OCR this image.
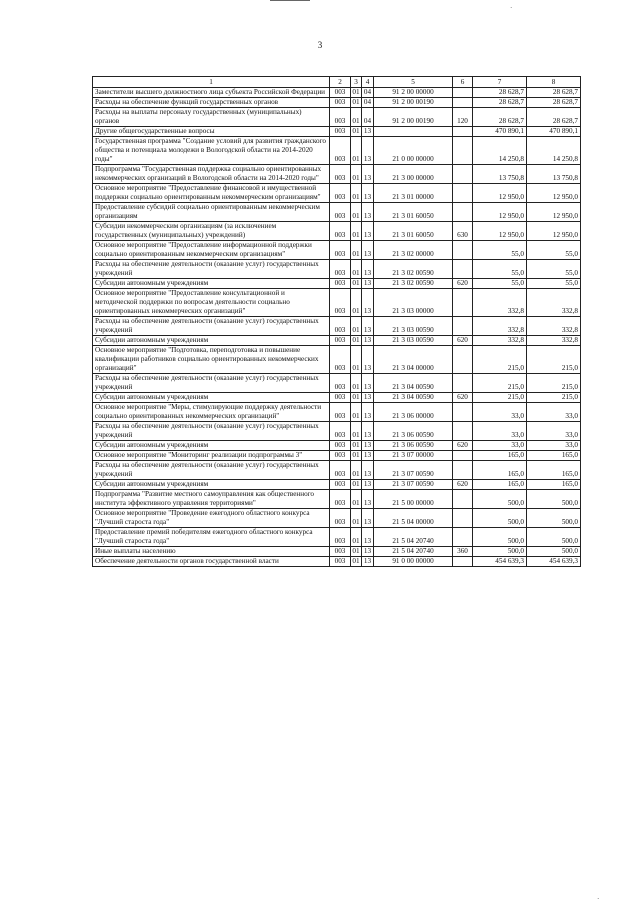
·
·
3
1	2	3	4	5	6	7	8
Заместители высшего должностного лица субъекта Российской Федерации	003	01	04	91 2 00 00000		28 628,7	28 628,7
Расходы на обеспечение функций государственных органов	003	01	04	91 2 00 00190		28 628,7	28 628,7
Расходы на выплаты персоналу государственных (муниципальных) органов	003	01	04	91 2 00 00190	120	28 628,7	28 628,7
Другие общегосударственные вопросы	003	01	13			470 890,1	470 890,1
Государственная программа "Создание условий для развития гражданского общества и потенциала молодежи в Вологодской области на 2014-2020 годы"	003	01	13	21 0 00 00000		14 250,8	14 250,8
Подпрограмма "Государственная поддержка социально ориентированных некоммерческих организаций в Вологодской области на 2014-2020 годы"	003	01	13	21 3 00 00000		13 750,8	13 750,8
Основное мероприятие "Предоставление финансовой и имущественной поддержки социально ориентированным некоммерческим организациям"	003	01	13	21 3 01 00000		12 950,0	12 950,0
Предоставление субсидий социально ориентированным некоммерческим организациям	003	01	13	21 3 01 60050		12 950,0	12 950,0
Субсидии некоммерческим организациям (за исключением государственных (муниципальных) учреждений)	003	01	13	21 3 01 60050	630	12 950,0	12 950,0
Основное мероприятие "Предоставление информационной поддержки социально ориентированным некоммерческим организациям"	003	01	13	21 3 02 00000		55,0	55,0
Расходы на обеспечение деятельности (оказание услуг) государственных учреждений	003	01	13	21 3 02 00590		55,0	55,0
Субсидии автономным учреждениям	003	01	13	21 3 02 00590	620	55,0	55,0
Основное мероприятие "Предоставление консультационной и методической поддержки по вопросам деятельности социально ориентированных некоммерческих организаций"	003	01	13	21 3 03 00000		332,8	332,8
Расходы на обеспечение деятельности (оказание услуг) государственных учреждений	003	01	13	21 3 03 00590		332,8	332,8
Субсидии автономным учреждениям	003	01	13	21 3 03 00590	620	332,8	332,8
Основное мероприятие "Подготовка, переподготовка и повышение квалификации работников социально ориентированных некоммерческих организаций"	003	01	13	21 3 04 00000		215,0	215,0
Расходы на обеспечение деятельности (оказание услуг) государственных учреждений	003	01	13	21 3 04 00590		215,0	215,0
Субсидии автономным учреждениям	003	01	13	21 3 04 00590	620	215,0	215,0
Основное мероприятие "Меры, стимулирующие поддержку деятельности социально ориентированных некоммерческих организаций"	003	01	13	21 3 06 00000		33,0	33,0
Расходы на обеспечение деятельности (оказание услуг) государственных учреждений	003	01	13	21 3 06 00590		33,0	33,0
Субсидии автономным учреждениям	003	01	13	21 3 06 00590	620	33,0	33,0
Основное мероприятие "Мониторинг реализации подпрограммы 3"	003	01	13	21 3 07 00000		165,0	165,0
Расходы на обеспечение деятельности (оказание услуг) государственных учреждений	003	01	13	21 3 07 00590		165,0	165,0
Субсидии автономным учреждениям	003	01	13	21 3 07 00590	620	165,0	165,0
Подпрограмма "Развитие местного самоуправления как общественного института эффективного управления территориями"	003	01	13	21 5 00 00000		500,0	500,0
Основное мероприятие "Проведение ежегодного областного конкурса "Лучший староста года"	003	01	13	21 5 04 00000		500,0	500,0
Предоставление премий победителям ежегодного областного конкурса "Лучший староста года"	003	01	13	21 5 04 20740		500,0	500,0
Иные выплаты населению	003	01	13	21 5 04 20740	360	500,0	500,0
Обеспечение деятельности органов государственной власти	003	01	13	91 0 00 00000		454 639,3	454 639,3
